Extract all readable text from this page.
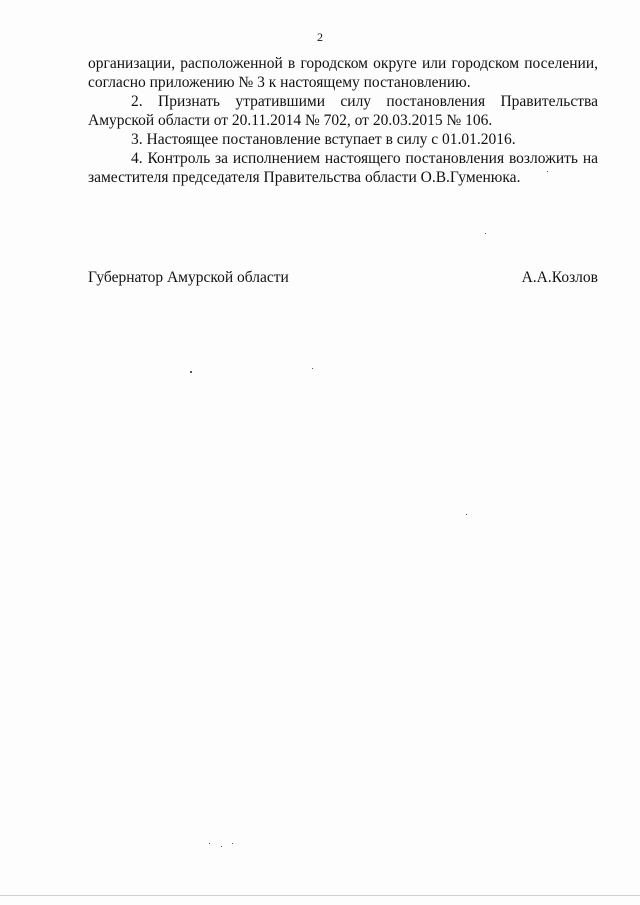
2

организации, расположенной в городском округе или городском поселении, согласно приложению № 3 к настоящему постановлению.

2. Признать утратившими силу постановления Правительства Амурской области от 20.11.2014 № 702, от 20.03.2015 № 106.

3. Настоящее постановление вступает в силу с 01.01.2016.

4. Контроль за исполнением настоящего постановления возложить на заместителя председателя Правительства области О.В.Гуменюка.

Губернатор Амурской области	А.А.Козлов
